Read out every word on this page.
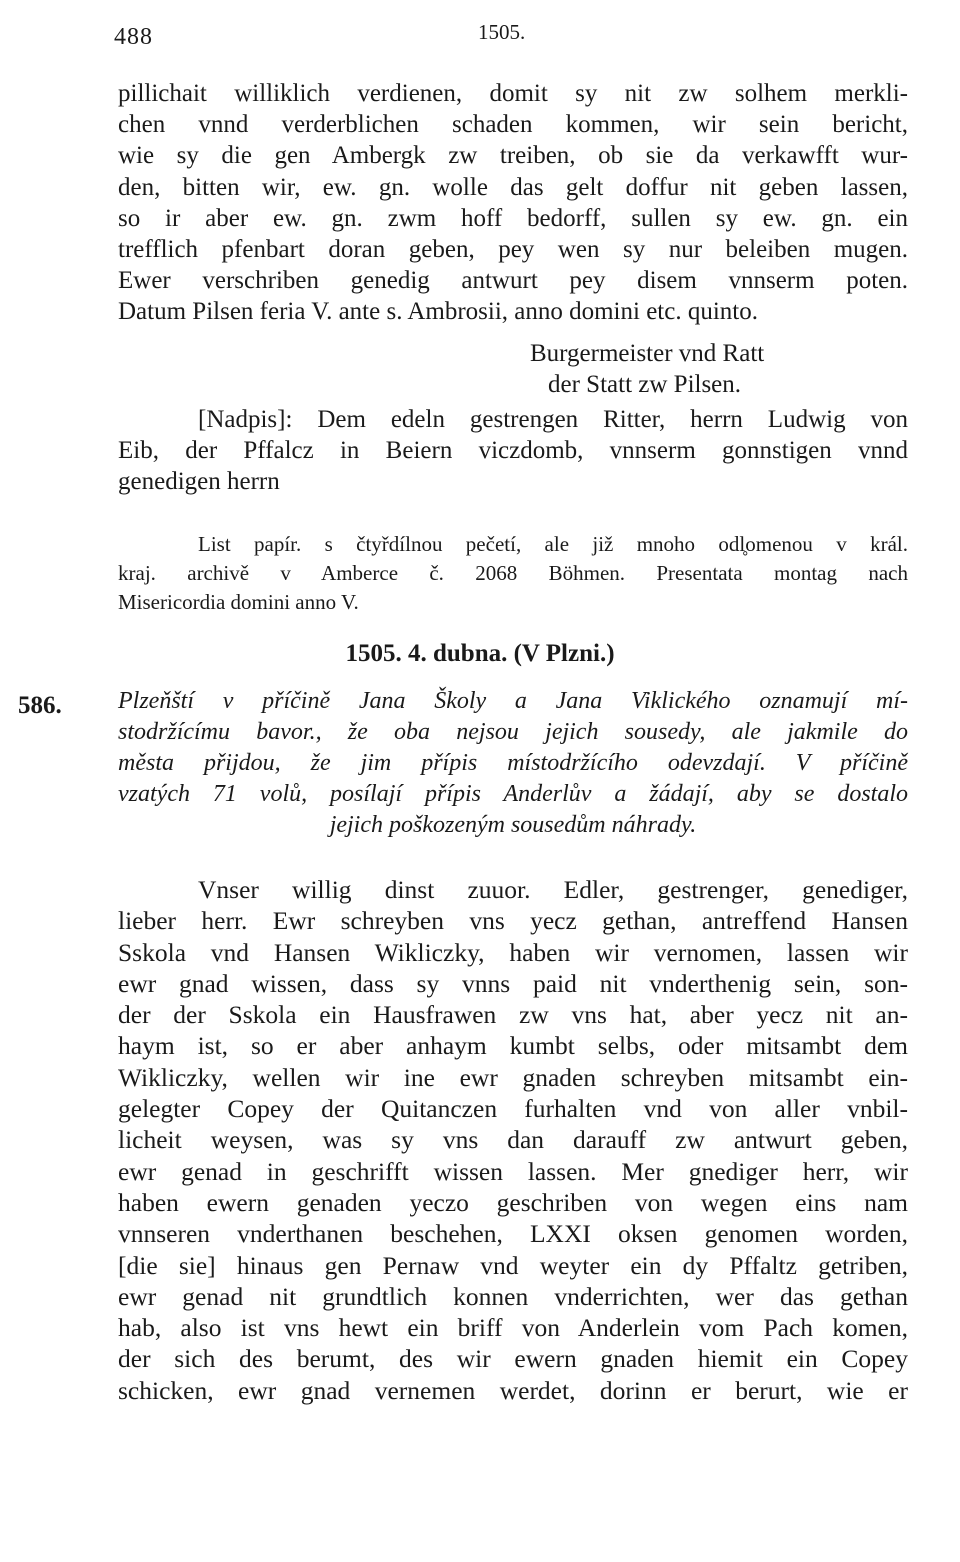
488	1505.
pillichait williklich verdienen, domit sy nit zw solhem merkli-
chen vnnd verderblichen schaden kommen, wir sein bericht,
wie sy die gen Ambergk zw treiben, ob sie da verkawfft wur-
den, bitten wir, ew. gn. wolle das gelt doffur nit geben lassen,
so ir aber ew. gn. zwm hoff bedorff, sullen sy ew. gn. ein
trefflich pfenbart doran geben, pey wen sy nur beleiben mugen.
Ewer verschriben genedig antwurt pey disem vnnserm poten.
Datum Pilsen feria V. ante s. Ambrosii, anno domini etc. quinto.
Burgermeister vnd Ratt
der Statt zw Pilsen.
[Nadpis]: Dem edeln gestrengen Ritter, herrn Ludwig von
Eib, der Pffalcz in Beiern viczdomb, vnnserm gonnstigen vnnd
genedigen herrn
List papír. s čtyřdílnou pečetí, ale již mnoho odl̥omenou v král.
kraj. archivě v Amberce č. 2068 Böhmen. Presentata montag nach
Misericordia domini anno V.
1505. 4. dubna. (V Plzni.)
586. Plzeňští v příčině Jana Školy a Jana Viklického oznamují mí-
stodržícímu bavor., že oba nejsou jejich sousedy, ale jakmile do
města přijdou, že jim přípis místodržícího odevzdají. V příčině
vzatých 71 volů, posílají přípis Anderlův a žádají, aby se dostalo
jejich poškozeným sousedům náhrady.
Vnser willig dinst zuuor. Edler, gestrenger, genediger,
lieber herr. Ewr schreyben vns yecz gethan, antreffend Hansen
Sskola vnd Hansen Wikliczky, haben wir vernomen, lassen wir
ewr gnad wissen, dass sy vnns paid nit vnderthenig sein, son-
der der Sskola ein Hausfrawen zw vns hat, aber yecz nit an-
haym ist, so er aber anhaym kumbt selbs, oder mitsambt dem
Wikliczky, wellen wir ine ewr gnaden schreyben mitsambt ein-
gelegter Copey der Quitanczen furhalten vnd von aller vnbil-
licheit weysen, was sy vns dan darauff zw antwurt geben,
ewr genad in geschrifft wissen lassen. Mer gnediger herr, wir
haben ewern genaden yeczo geschriben von wegen eins nam
vnnseren vnderthanen beschehen, LXXI oksen genomen worden,
[die sie] hinaus gen Pernaw vnd weyter ein dy Pffaltz getriben,
ewr genad nit grundtlich konnen vnderrichten, wer das gethan
hab, also ist vns hewt ein briff von Anderlein vom Pach komen,
der sich des berumt, des wir ewern gnaden hiemit ein Copey
schicken, ewr gnad vernemen werdet, dorinn er berurt, wie er
